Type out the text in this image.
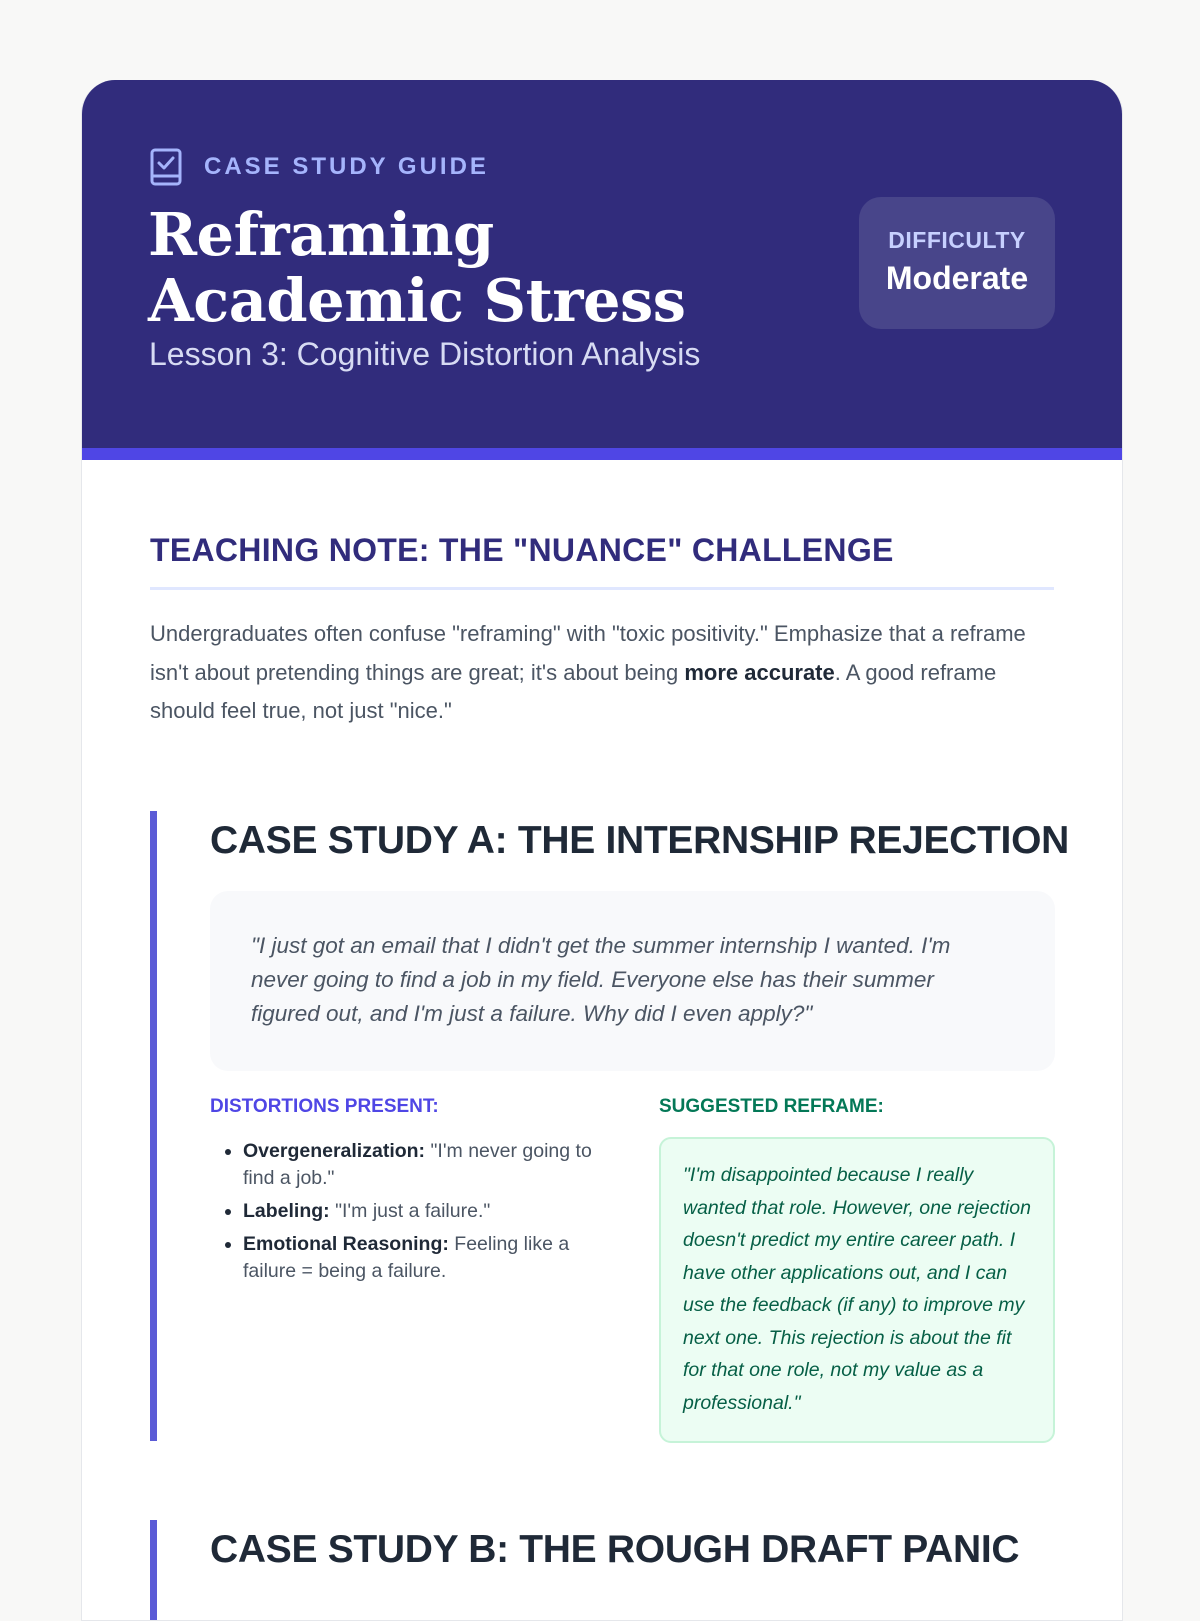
CASE STUDY GUIDE
Reframing Academic Stress

Lesson 3: Cognitive Distortion Analysis

DIFFICULTY
Moderate
TEACHING NOTE: THE "NUANCE" CHALLENGE

Undergraduates often confuse "reframing" with "toxic positivity." Emphasize that a reframe isn't about pretending things are great; it's about being more accurate. A good reframe should feel true, not just "nice."

CASE STUDY A: THE INTERNSHIP REJECTION
"I just got an email that I didn't get the summer internship I wanted. I'm never going to find a job in my field. Everyone else has their summer figured out, and I'm just a failure. Why did I even apply?"
DISTORTIONS PRESENT:
• Overgeneralization: "I'm never going to find a job."
• Labeling: "I'm just a failure."
• Emotional Reasoning: Feeling like a failure = being a failure.
SUGGESTED REFRAME:
"I'm disappointed because I really wanted that role. However, one rejection doesn't predict my entire career path. I have other applications out, and I can use the feedback (if any) to improve my next one. This rejection is about the fit for that one role, not my value as a professional."
CASE STUDY B: THE ROUGH DRAFT PANIC
